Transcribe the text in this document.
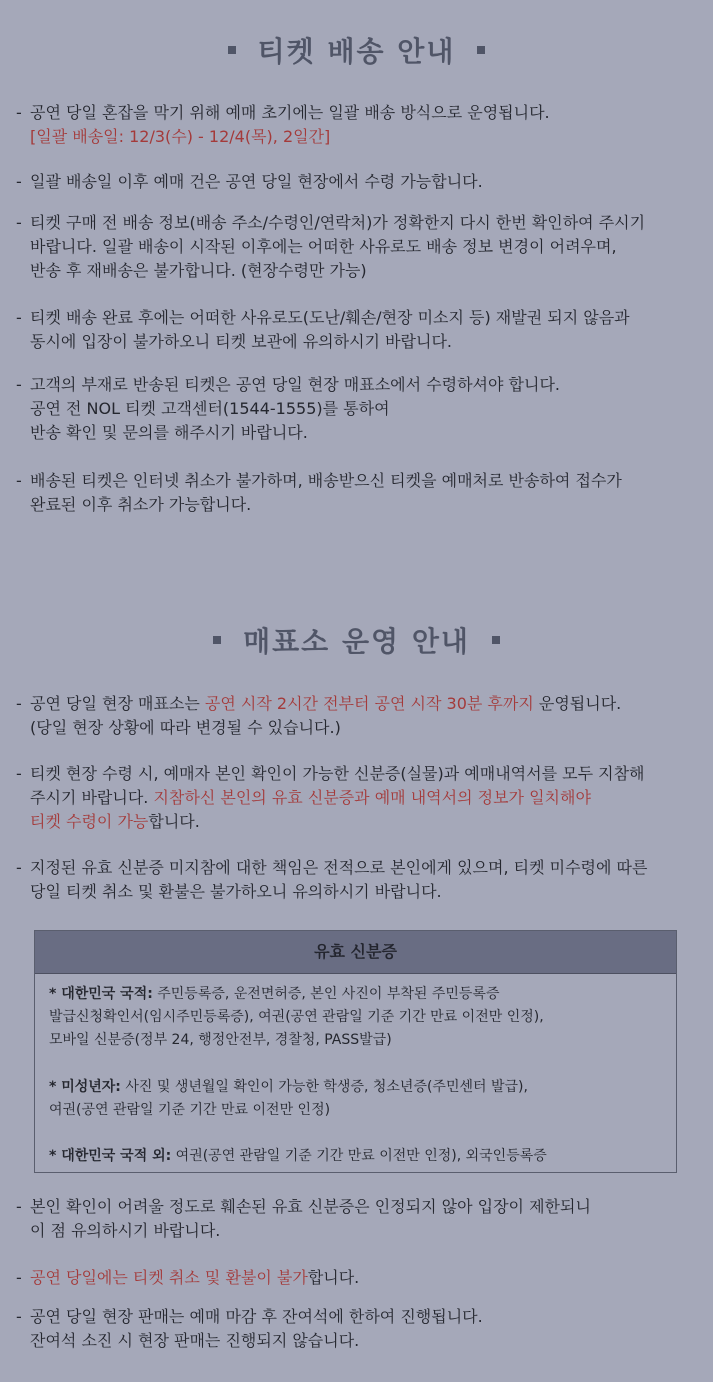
티켓 배송 안내
- 공연 당일 혼잡을 막기 위해 예매 초기에는 일괄 배송 방식으로 운영됩니다.
[일괄 배송일: 12/3(수) - 12/4(목), 2일간]
- 일괄 배송일 이후 예매 건은 공연 당일 현장에서 수령 가능합니다.
- 티켓 구매 전 배송 정보(배송 주소/수령인/연락처)가 정확한지 다시 한번 확인하여 주시기
바랍니다. 일괄 배송이 시작된 이후에는 어떠한 사유로도 배송 정보 변경이 어려우며,
반송 후 재배송은 불가합니다. (현장수령만 가능)
- 티켓 배송 완료 후에는 어떠한 사유로도(도난/훼손/현장 미소지 등) 재발권 되지 않음과
동시에 입장이 불가하오니 티켓 보관에 유의하시기 바랍니다.
- 고객의 부재로 반송된 티켓은 공연 당일 현장 매표소에서 수령하셔야 합니다.
공연 전 NOL 티켓 고객센터(1544-1555)를 통하여
반송 확인 및 문의를 해주시기 바랍니다.
- 배송된 티켓은 인터넷 취소가 불가하며, 배송받으신 티켓을 예매처로 반송하여 접수가
완료된 이후 취소가 가능합니다.
매표소 운영 안내
- 공연 당일 현장 매표소는 공연 시작 2시간 전부터 공연 시작 30분 후까지 운영됩니다.
(당일 현장 상황에 따라 변경될 수 있습니다.)
- 티켓 현장 수령 시, 예매자 본인 확인이 가능한 신분증(실물)과 예매내역서를 모두 지참해
주시기 바랍니다. 지참하신 본인의 유효 신분증과 예매 내역서의 정보가 일치해야
티켓 수령이 가능합니다.
- 지정된 유효 신분증 미지참에 대한 책임은 전적으로 본인에게 있으며, 티켓 미수령에 따른
당일 티켓 취소 및 환불은 불가하오니 유의하시기 바랍니다.
유효 신분증
* 대한민국 국적: 주민등록증, 운전면허증, 본인 사진이 부착된 주민등록증
발급신청확인서(임시주민등록증), 여권(공연 관람일 기준 기간 만료 이전만 인정),
모바일 신분증(정부 24, 행정안전부, 경찰청, PASS발급)
* 미성년자: 사진 및 생년월일 확인이 가능한 학생증, 청소년증(주민센터 발급),
여권(공연 관람일 기준 기간 만료 이전만 인정)
* 대한민국 국적 외: 여권(공연 관람일 기준 기간 만료 이전만 인정), 외국인등록증
- 본인 확인이 어려울 정도로 훼손된 유효 신분증은 인정되지 않아 입장이 제한되니
이 점 유의하시기 바랍니다.
- 공연 당일에는 티켓 취소 및 환불이 불가합니다.
- 공연 당일 현장 판매는 예매 마감 후 잔여석에 한하여 진행됩니다.
잔여석 소진 시 현장 판매는 진행되지 않습니다.
